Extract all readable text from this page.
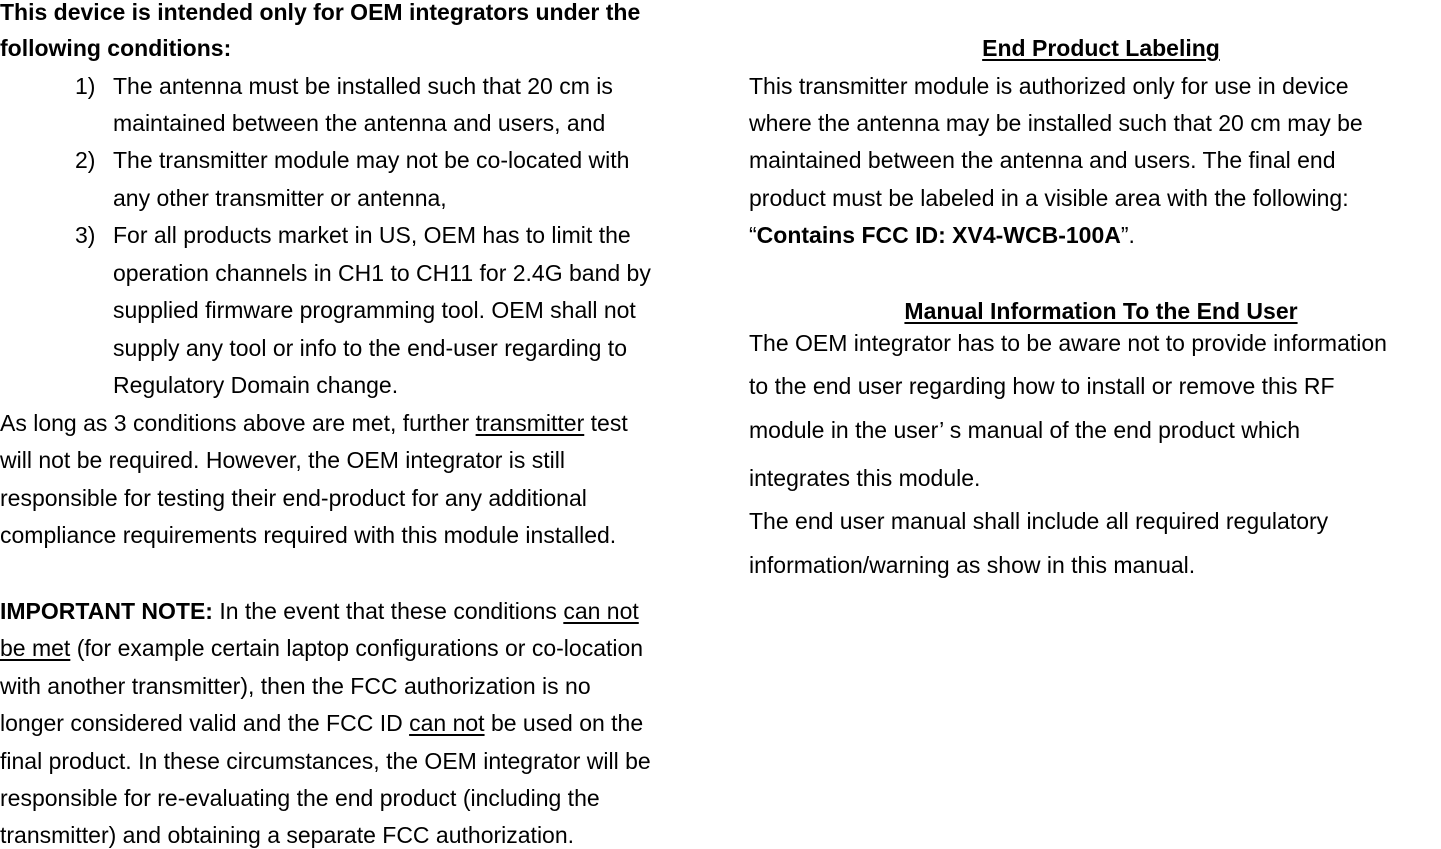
This device is intended only for OEM integrators under the
following conditions:
1) The antenna must be installed such that 20 cm is
maintained between the antenna and users, and
2) The transmitter module may not be co-located with
any other transmitter or antenna,
3) For all products market in US, OEM has to limit the
operation channels in CH1 to CH11 for 2.4G band by
supplied firmware programming tool. OEM shall not
supply any tool or info to the end-user regarding to
Regulatory Domain change.
As long as 3 conditions above are met, further transmitter test
will not be required. However, the OEM integrator is still
responsible for testing their end-product for any additional
compliance requirements required with this module installed.
IMPORTANT NOTE: In the event that these conditions can not
be met (for example certain laptop configurations or co-location
with another transmitter), then the FCC authorization is no
longer considered valid and the FCC ID can not be used on the
final product. In these circumstances, the OEM integrator will be
responsible for re-evaluating the end product (including the
transmitter) and obtaining a separate FCC authorization.
End Product Labeling
This transmitter module is authorized only for use in device
where the antenna may be installed such that 20 cm may be
maintained between the antenna and users. The final end
product must be labeled in a visible area with the following:
“Contains FCC ID: XV4-WCB-100A”.
Manual Information To the End User
The OEM integrator has to be aware not to provide information
to the end user regarding how to install or remove this RF
module in the user’ s manual of the end product which
integrates this module.
The end user manual shall include all required regulatory
information/warning as show in this manual.
